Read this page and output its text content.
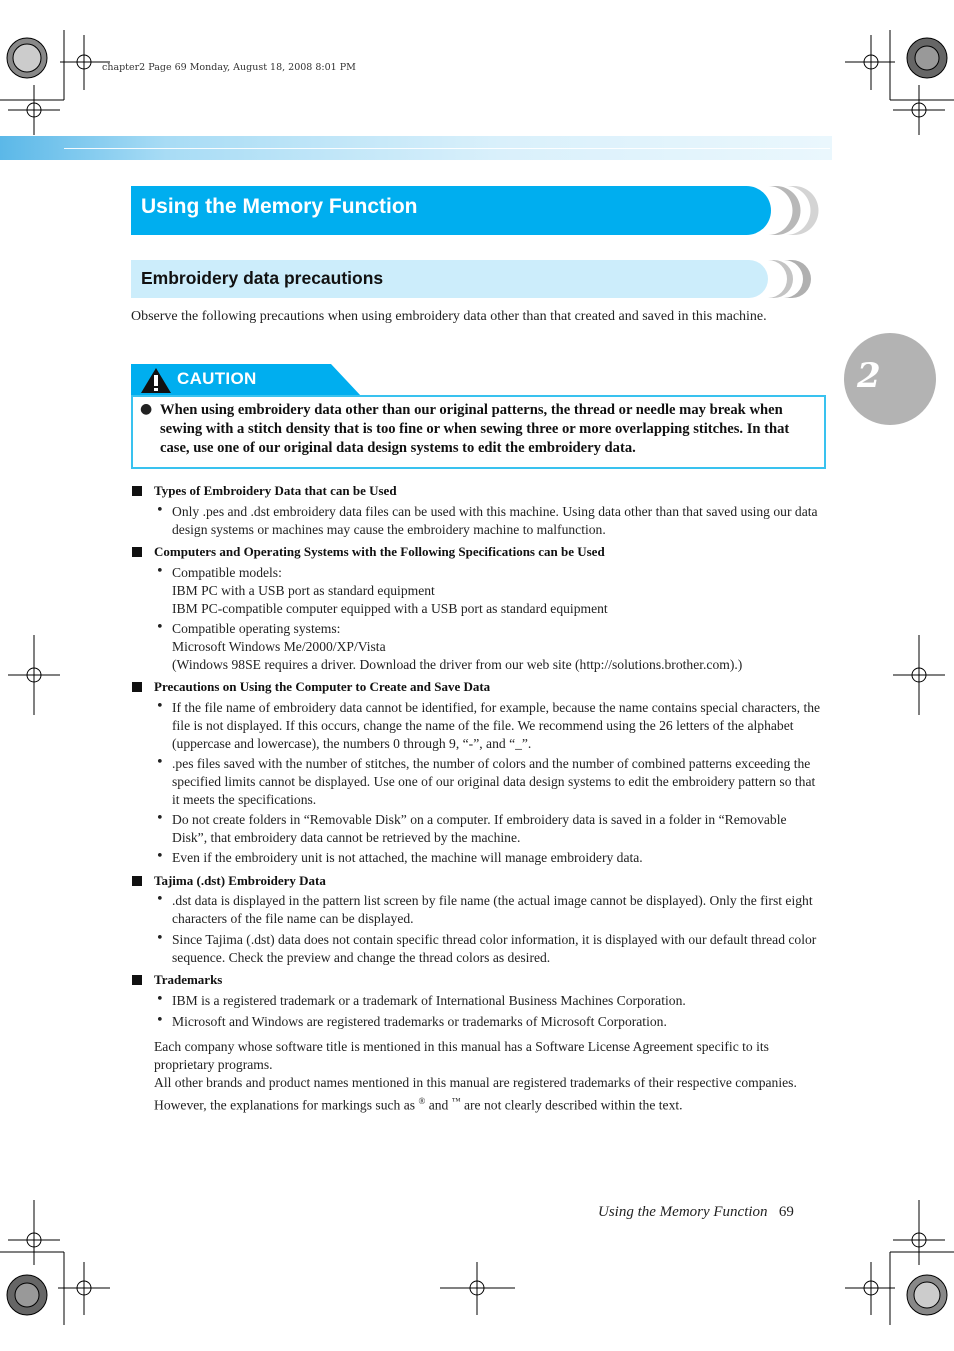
chapter2 Page 69 Monday, August 18, 2008 8:01 PM
Using the Memory Function
Embroidery data precautions
Observe the following precautions when using embroidery data other than that created and saved in this machine.
CAUTION
● When using embroidery data other than our original patterns, the thread or needle may break when sewing with a stitch density that is too fine or when sewing three or more overlapping stitches. In that case, use one of our original data design systems to edit the embroidery data.
Types of Embroidery Data that can be Used
• Only .pes and .dst embroidery data files can be used with this machine. Using data other than that saved using our data design systems or machines may cause the embroidery machine to malfunction.
Computers and Operating Systems with the Following Specifications can be Used
• Compatible models:
IBM PC with a USB port as standard equipment
IBM PC-compatible computer equipped with a USB port as standard equipment
• Compatible operating systems:
Microsoft Windows Me/2000/XP/Vista
(Windows 98SE requires a driver. Download the driver from our web site (http://solutions.brother.com).)
Precautions on Using the Computer to Create and Save Data
• If the file name of embroidery data cannot be identified, for example, because the name contains special characters, the file is not displayed. If this occurs, change the name of the file. We recommend using the 26 letters of the alphabet (uppercase and lowercase), the numbers 0 through 9, “-”, and “_”.
• .pes files saved with the number of stitches, the number of colors and the number of combined patterns exceeding the specified limits cannot be displayed. Use one of our original data design systems to edit the embroidery pattern so that it meets the specifications.
• Do not create folders in “Removable Disk” on a computer. If embroidery data is saved in a folder in “Removable Disk”, that embroidery data cannot be retrieved by the machine.
• Even if the embroidery unit is not attached, the machine will manage embroidery data.
Tajima (.dst) Embroidery Data
• .dst data is displayed in the pattern list screen by file name (the actual image cannot be displayed). Only the first eight characters of the file name can be displayed.
• Since Tajima (.dst) data does not contain specific thread color information, it is displayed with our default thread color sequence. Check the preview and change the thread colors as desired.
Trademarks
• IBM is a registered trademark or a trademark of International Business Machines Corporation.
• Microsoft and Windows are registered trademarks or trademarks of Microsoft Corporation.
Each company whose software title is mentioned in this manual has a Software License Agreement specific to its proprietary programs.
All other brands and product names mentioned in this manual are registered trademarks of their respective companies. However, the explanations for markings such as ® and ™ are not clearly described within the text.
Using the Memory Function 69
2
